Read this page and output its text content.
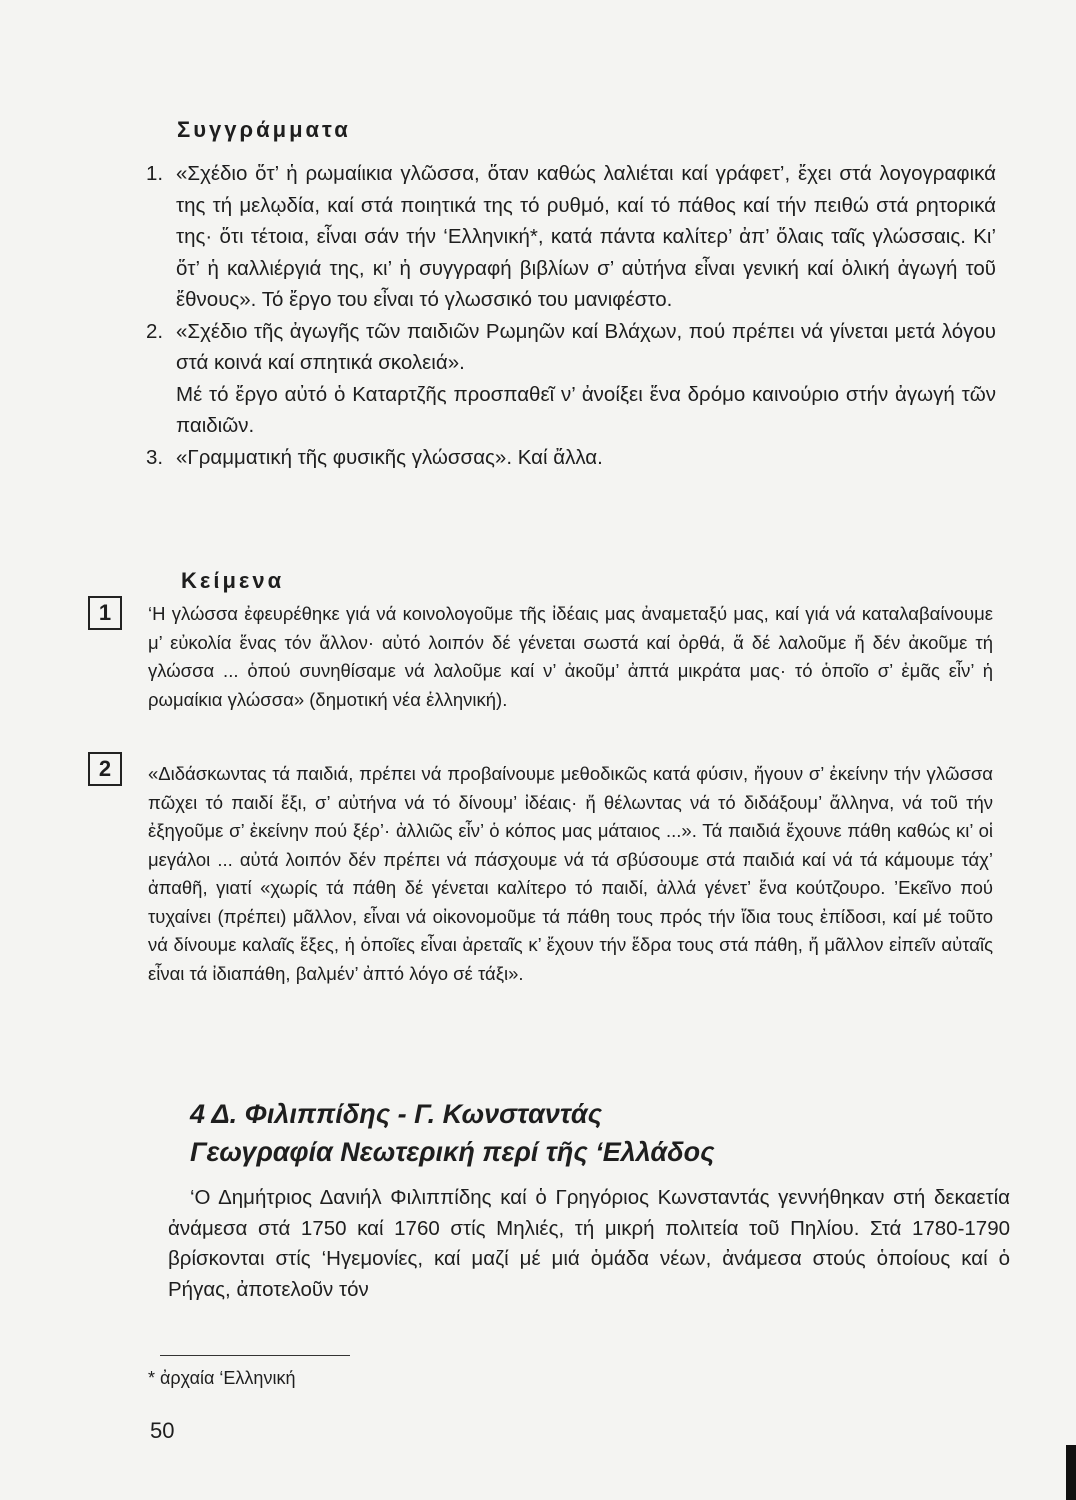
Συγγράμματα
1. «Σχέδιο ὅτ’ ἡ ρωμαίικια γλῶσσα, ὅταν καθώς λαλιέται καί γράφετ’, ἔχει στά λογογραφικά της τή μελῳδία, καί στά ποιητικά της τό ρυθμό, καί τό πάθος καί τήν πειθώ στά ρητορικά της· ὅτι τέτοια, εἶναι σάν τήν ‘Ελληνική*, κατά πάντα καλίτερ’ ἀπ’ ὅλαις ταῖς γλώσσαις. Κι’ ὅτ’ ἡ καλλιέργιά της, κι’ ἡ συγγραφή βιβλίων σ’ αὐτήνα εἶναι γενική καί ὁλική ἀγωγή τοῦ ἔθνους». Τό ἔργο του εἶναι τό γλωσσικό του μανιφέστο.

2. «Σχέδιο τῆς ἀγωγῆς τῶν παιδιῶν Ρωμηῶν καί Βλάχων, πού πρέπει νά γίνεται μετά λόγου στά κοινά καί σπητικά σκολειά».

Μέ τό ἔργο αὐτό ὁ Καταρτζῆς προσπαθεῖ ν’ ἀνοίξει ἕνα δρόμο καινούριο στήν ἀγωγή τῶν παιδιῶν.

3. «Γραμματική τῆς φυσικῆς γλώσσας». Καί ἄλλα.

Κείμενα
1	‘Η γλώσσα ἐφευρέθηκε γιά νά κοινολογοῦμε τῆς ἰδέαις μας ἀναμεταξύ μας, καί γιά νά καταλαβαίνουμε μ’ εὐκολία ἕνας τόν ἄλλον· αὐτό λοιπόν δέ γένεται σωστά καί ὀρθά, ἅ δέ λαλοῦμε ἤ δέν ἀκοῦμε τή γλώσσα ... ὁπού συνηθίσαμε νά λαλοῦμε καί ν’ ἀκοῦμ’ ἀπτά μικράτα μας· τό ὁποῖο σ’ ἐμᾶς εἶν’ ἡ ρωμαίκια γλώσσα» (δημοτική νέα ἑλληνική).
2	«Διδάσκωντας τά παιδιά, πρέπει νά προβαίνουμε μεθοδικῶς κατά φύσιν, ἤγουν σ’ ἐκείνην τήν γλῶσσα πῶχει τό παιδί ἔξι, σ’ αὐτήνα νά τό δίνουμ’ ἰδέαις· ἤ θέλωντας νά τό διδάξουμ’ ἄλληνα, νά τοῦ τήν ἐξηγοῦμε σ’ ἐκείνην πού ξέρ’· ἀλλιῶς εἶν’ ὁ κόπος μας μάταιος ...». Τά παιδιά ἔχουνε πάθη καθώς κι’ οἱ μεγάλοι ... αὐτά λοιπόν δέν πρέπει νά πάσχουμε νά τά σβύσουμε στά παιδιά καί νά τά κάμουμε τάχ’ ἀπαθῆ, γιατί «χωρίς τά πάθη δέ γένεται καλίτερο τό παιδί, ἀλλά γένετ’ ἕνα κούτζουρο. ’Εκεῖνο πού τυχαίνει (πρέπει) μᾶλλον, εἶναι νά οἰκονομοῦμε τά πάθη τους πρός τήν ἴδια τους ἐπίδοσι, καί μέ τοῦτο νά δίνουμε καλαῖς ἕξες, ἡ ὁποῖες εἶναι ἀρεταῖς κ’ ἔχουν τήν ἕδρα τους στά πάθη, ἤ μᾶλλον εἰπεῖν αὐταῖς εἶναι τά ἰδιαπάθη, βαλμέν’ ἀπτό λόγο σέ τάξι».
4 Δ. Φιλιππίδης - Γ. Κωνσταντάς
Γεωγραφία Νεωτερική περί τῆς ‘Ελλάδος
‘Ο Δημήτριος Δανιήλ Φιλιππίδης καί ὁ Γρηγόριος Κωνσταντάς γεννήθηκαν στή δεκαετία ἀνάμεσα στά 1750 καί 1760 στίς Μηλιές, τή μικρή πολιτεία τοῦ Πηλίου. Στά 1780-1790 βρίσκονται στίς ‘Ηγεμονίες, καί μαζί μέ μιά ὁμάδα νέων, ἀνάμεσα στούς ὁποίους καί ὁ Ρήγας, ἀποτελοῦν τόν
* ἀρχαία ‘Ελληνική
50
